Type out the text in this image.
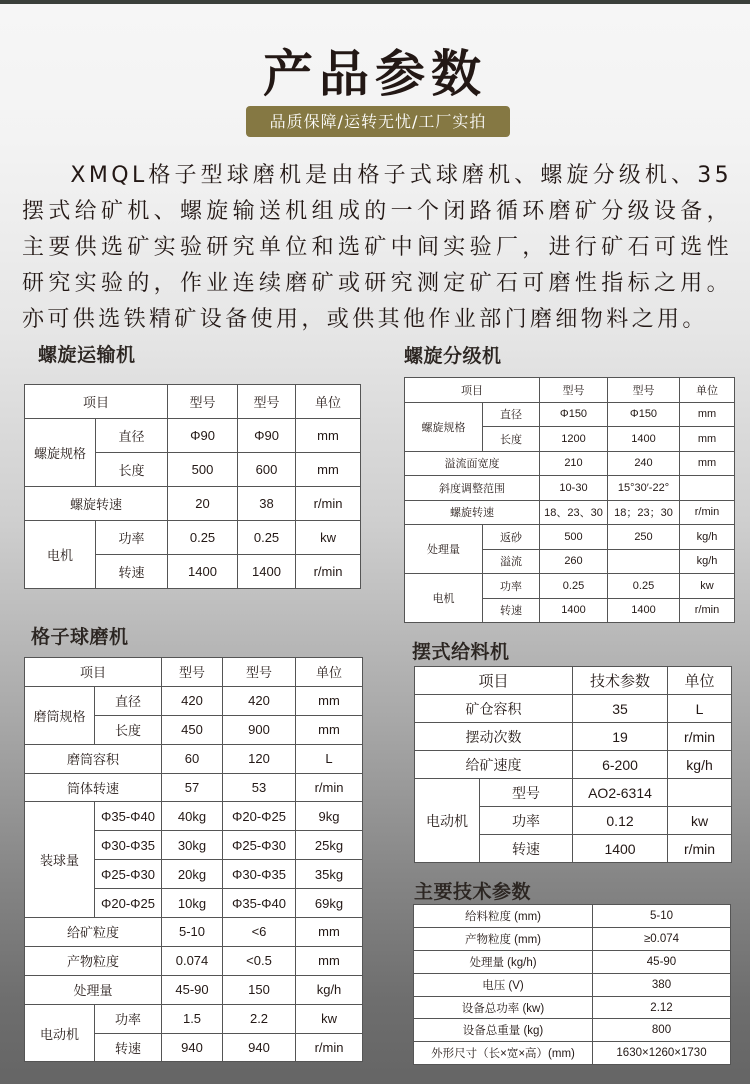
产品参数
品质保障/运转无忧/工厂实拍

XMQL格子型球磨机是由格子式球磨机、螺旋分级机、35摆式给矿机、螺旋输送机组成的一个闭路循环磨矿分级设备，主要供选矿实验研究单位和选矿中间实验厂，进行矿石可选性研究实验的，作业连续磨矿或研究测定矿石可磨性指标之用。亦可供选铁精矿设备使用，或供其他作业部门磨细物料之用。

螺旋运输机
项目		型号	型号	单位
螺旋规格	直径	Φ90	Φ90	mm
	长度	500	600	mm
螺旋转速		20	38	r/min
电机	功率	0.25	0.25	kw
	转速	1400	1400	r/min
螺旋分级机
项目		型号	型号	单位
螺旋规格	直径	Φ150	Φ150	mm
	长度	1200	1400	mm
溢流面宽度		210	240	mm
斜度调整范围		10-30	15°30′-22°	
螺旋转速		18、23、30	18；23；30	r/min
处理量	返砂	500	250	kg/h
	溢流	260		kg/h
电机	功率	0.25	0.25	kw
	转速	1400	1400	r/min
格子球磨机
项目		型号	型号	单位
磨筒规格	直径	420	420	mm
	长度	450	900	mm
磨筒容积		60	120	L
筒体转速		57	53	r/min
装球量	Φ35-Φ40	40kg	Φ20-Φ25	9kg
	Φ30-Φ35	30kg	Φ25-Φ30	25kg
	Φ25-Φ30	20kg	Φ30-Φ35	35kg
	Φ20-Φ25	10kg	Φ35-Φ40	69kg
给矿粒度		5-10	<6	mm
产物粒度		0.074	<0.5	mm
处理量		45-90	150	kg/h
电动机	功率	1.5	2.2	kw
	转速	940	940	r/min
摆式给料机
项目		技术参数	单位
矿仓容积		35	L
摆动次数		19	r/min
给矿速度		6-200	kg/h
电动机	型号	AO2-6314	
	功率	0.12	kw
	转速	1400	r/min
主要技术参数
给料粒度 (mm)	5-10
产物粒度 (mm)	≥0.074
处理量 (kg/h)	45-90
电压 (V)	380
设备总功率 (kw)	2.12
设备总重量 (kg)	800
外形尺寸（长×宽×高）(mm)	1630×1260×1730
